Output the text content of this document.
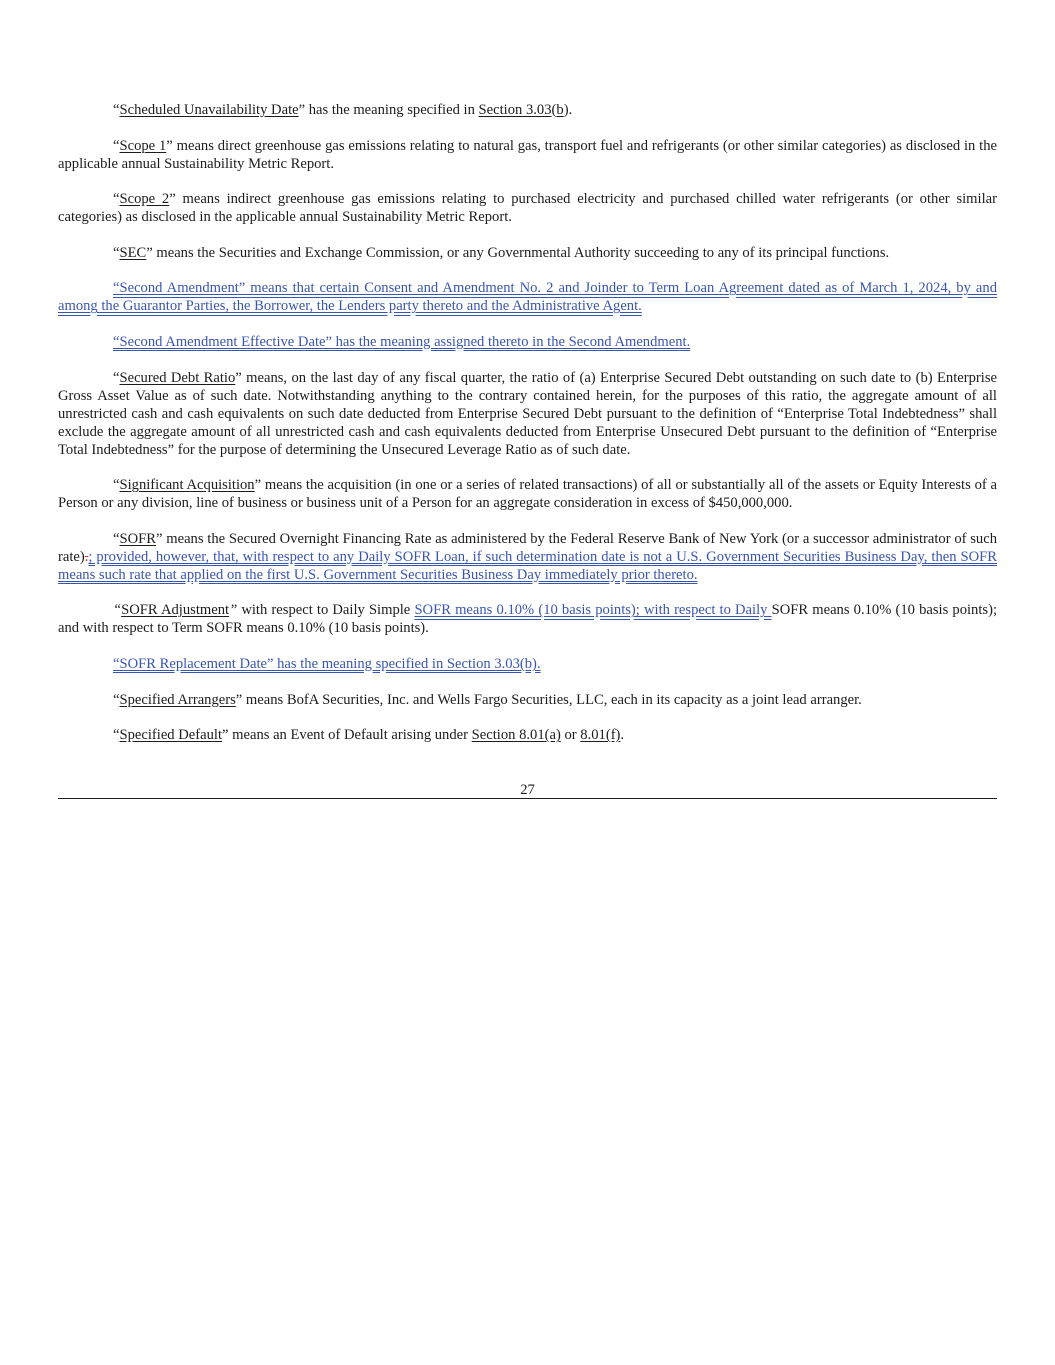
“Scheduled Unavailability Date” has the meaning specified in Section 3.03(b).

“Scope 1” means direct greenhouse gas emissions relating to natural gas, transport fuel and refrigerants (or other similar categories) as disclosed in the applicable annual Sustainability Metric Report.

“Scope 2” means indirect greenhouse gas emissions relating to purchased electricity and purchased chilled water refrigerants (or other similar categories) as disclosed in the applicable annual Sustainability Metric Report.

“SEC” means the Securities and Exchange Commission, or any Governmental Authority succeeding to any of its principal functions.

“Second Amendment” means that certain Consent and Amendment No. 2 and Joinder to Term Loan Agreement dated as of March 1, 2024, by and among the Guarantor Parties, the Borrower, the Lenders party thereto and the Administrative Agent.

“Second Amendment Effective Date” has the meaning assigned thereto in the Second Amendment.

“Secured Debt Ratio” means, on the last day of any fiscal quarter, the ratio of (a) Enterprise Secured Debt outstanding on such date to (b) Enterprise Gross Asset Value as of such date. Notwithstanding anything to the contrary contained herein, for the purposes of this ratio, the aggregate amount of all unrestricted cash and cash equivalents on such date deducted from Enterprise Secured Debt pursuant to the definition of “Enterprise Total Indebtedness” shall exclude the aggregate amount of all unrestricted cash and cash equivalents deducted from Enterprise Unsecured Debt pursuant to the definition of “Enterprise Total Indebtedness” for the purpose of determining the Unsecured Leverage Ratio as of such date.

“Significant Acquisition” means the acquisition (in one or a series of related transactions) of all or substantially all of the assets or Equity Interests of a Person or any division, line of business or business unit of a Person for an aggregate consideration in excess of $450,000,000.

“SOFR” means the Secured Overnight Financing Rate as administered by the Federal Reserve Bank of New York (or a successor administrator of such rate).; provided, however, that, with respect to any Daily SOFR Loan, if such determination date is not a U.S. Government Securities Business Day, then SOFR means such rate that applied on the first U.S. Government Securities Business Day immediately prior thereto.

“SOFR Adjustment” with respect to Daily Simple SOFR means 0.10% (10 basis points); with respect to Daily SOFR means 0.10% (10 basis points); and with respect to Term SOFR means 0.10% (10 basis points).

“SOFR Replacement Date” has the meaning specified in Section 3.03(b).

“Specified Arrangers” means BofA Securities, Inc. and Wells Fargo Securities, LLC, each in its capacity as a joint lead arranger.

“Specified Default” means an Event of Default arising under Section 8.01(a) or 8.01(f).

27
